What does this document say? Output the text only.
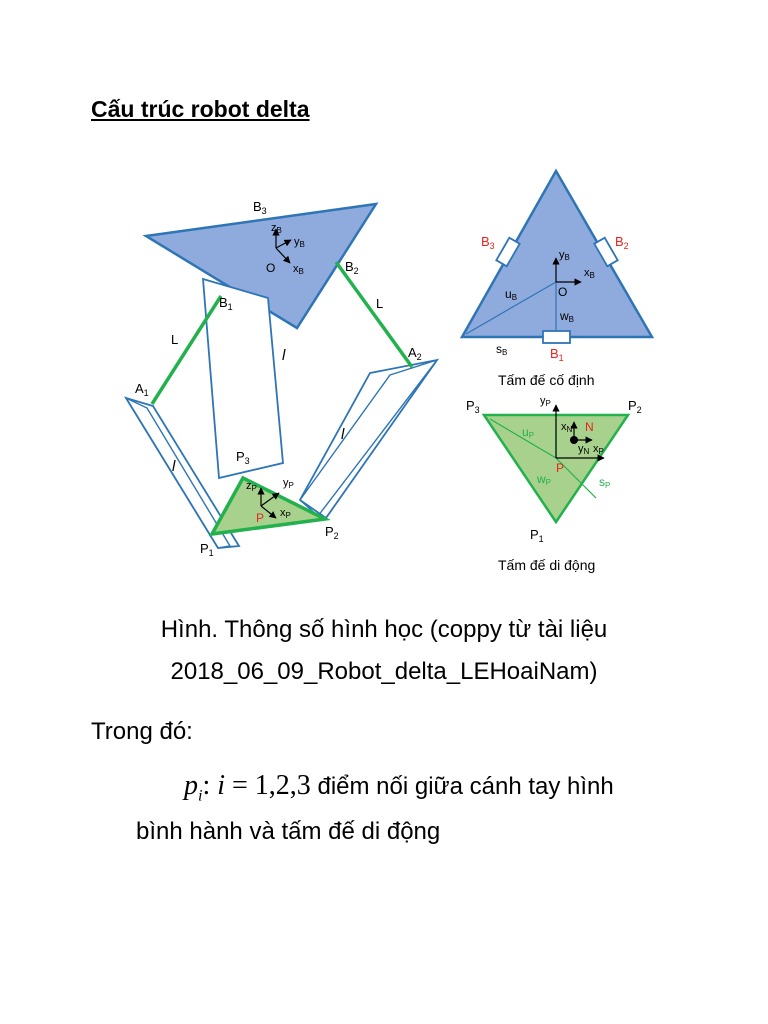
Cấu trúc robot delta
$B_3$
$B_2$
$B_1$
$A_1$
$A_2$
$P_1$
$P_2$
$P_3$
L
L
l
l
l
zB
yB
xB
O
zP yP
xP
P
$B_3$	$B_2$
$B_1$
yB
xB
O
uB
wB
sB
Tấm đế cố định
$P_3$	$P_2$
$P_1$
yP
xN N
yN xP
uP
P
wP	sP
Tấm đế di động
Hình. Thông số hình học (coppy từ tài liệu
2018_06_09_Robot_delta_LEHoaiNam)
Trong đó:
$p_i$: i = 1,2,3 điểm nối giữa cánh tay hình
bình hành và tấm đế di động
